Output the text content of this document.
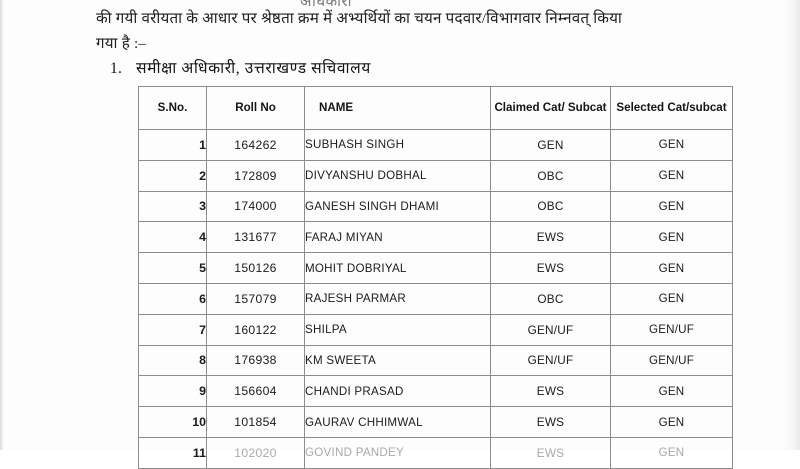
की गयी वरीयता के आधार पर श्रेष्ठता क्रम में अभ्यर्थियों का चयन पदवार/विभागवार निम्नवत् किया
गया है :–
1. समीक्षा अधिकारी, उत्तराखण्ड सचिवालय
S.No.	Roll No	NAME	Claimed Cat/ Subcat	Selected Cat/subcat
1	164262	SUBHASH SINGH	GEN	GEN
2	172809	DIVYANSHU DOBHAL	OBC	GEN
3	174000	GANESH SINGH DHAMI	OBC	GEN
4	131677	FARAJ MIYAN	EWS	GEN
5	150126	MOHIT DOBRIYAL	EWS	GEN
6	157079	RAJESH PARMAR	OBC	GEN
7	160122	SHILPA	GEN/UF	GEN/UF
8	176938	KM SWEETA	GEN/UF	GEN/UF
9	156604	CHANDI PRASAD	EWS	GEN
10	101854	GAURAV CHHIMWAL	EWS	GEN
11	102020	GOVIND PANDEY	EWS	GEN
